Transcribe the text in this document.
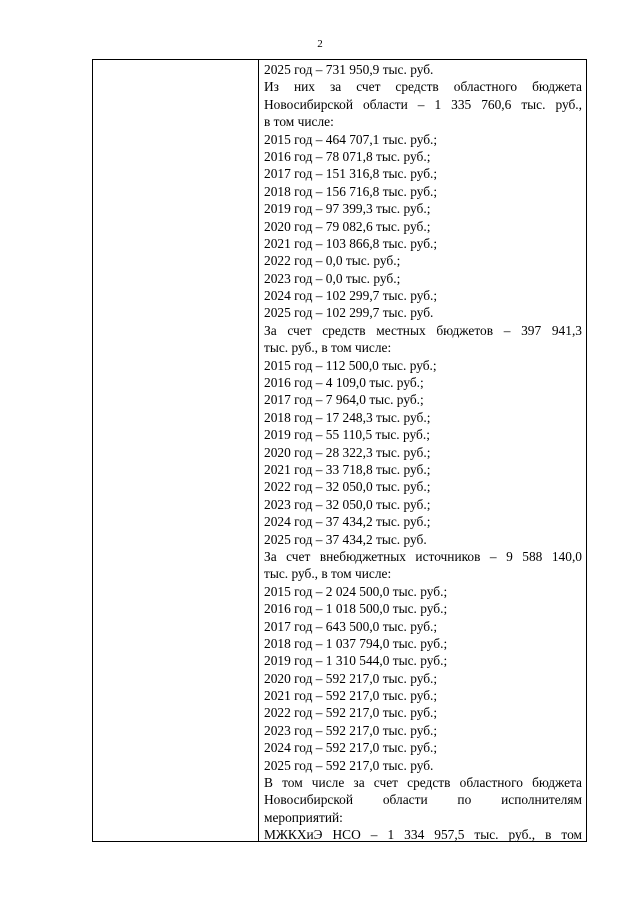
2
2025 год – 731 950,9 тыс. руб.
Из них за счет средств областного бюджета
Новосибирской области – 1 335 760,6 тыс. руб.,
в том числе:
2015 год – 464 707,1 тыс. руб.;
2016 год – 78 071,8 тыс. руб.;
2017 год – 151 316,8 тыс. руб.;
2018 год – 156 716,8 тыс. руб.;
2019 год – 97 399,3 тыс. руб.;
2020 год – 79 082,6 тыс. руб.;
2021 год – 103 866,8 тыс. руб.;
2022 год – 0,0 тыс. руб.;
2023 год – 0,0 тыс. руб.;
2024 год – 102 299,7 тыс. руб.;
2025 год – 102 299,7 тыс. руб.
За счет средств местных бюджетов – 397 941,3
тыс. руб., в том числе:
2015 год – 112 500,0 тыс. руб.;
2016 год – 4 109,0 тыс. руб.;
2017 год – 7 964,0 тыс. руб.;
2018 год – 17 248,3 тыс. руб.;
2019 год – 55 110,5 тыс. руб.;
2020 год – 28 322,3 тыс. руб.;
2021 год – 33 718,8 тыс. руб.;
2022 год – 32 050,0 тыс. руб.;
2023 год – 32 050,0 тыс. руб.;
2024 год – 37 434,2 тыс. руб.;
2025 год – 37 434,2 тыс. руб.
За счет внебюджетных источников – 9 588 140,0
тыс. руб., в том числе:
2015 год – 2 024 500,0 тыс. руб.;
2016 год – 1 018 500,0 тыс. руб.;
2017 год – 643 500,0 тыс. руб.;
2018 год – 1 037 794,0 тыс. руб.;
2019 год – 1 310 544,0 тыс. руб.;
2020 год – 592 217,0 тыс. руб.;
2021 год – 592 217,0 тыс. руб.;
2022 год – 592 217,0 тыс. руб.;
2023 год – 592 217,0 тыс. руб.;
2024 год – 592 217,0 тыс. руб.;
2025 год – 592 217,0 тыс. руб.
В том числе за счет средств областного бюджета
Новосибирской области по исполнителям
мероприятий:
МЖКХиЭ НСО – 1 334 957,5 тыс. руб., в том
